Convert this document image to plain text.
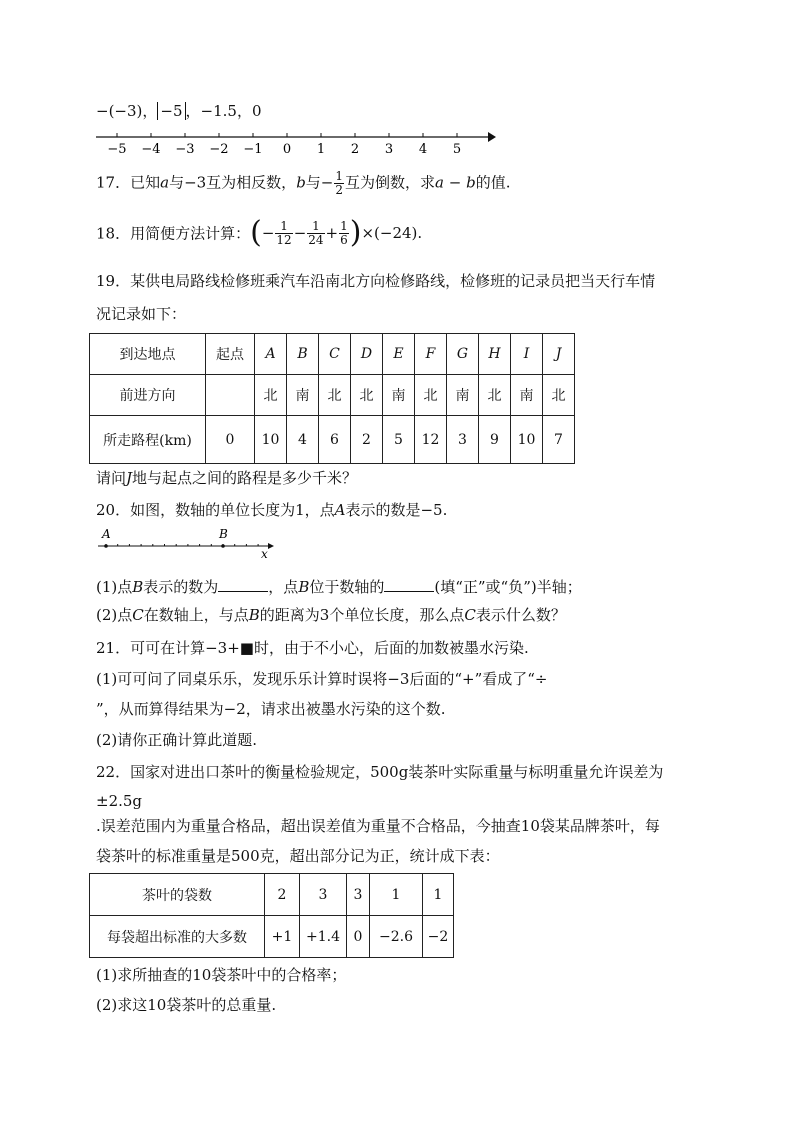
−(−3)， −5 ，−1.5，0
−5 −4 −3 −2 −1 0 1 2 3 4 5
17．已知a与−3互为相反数，b与− $\frac{1}{2}$ 互为倒数，求a − b的值.
18．用简便方法计算：(− $\frac{1}{12} - \frac{1}{24} + \frac{1}{6} )\times(-24)$.
19．某供电局路线检修班乘汽车沿南北方向检修路线，检修班的记录员把当天行车情
况记录如下：
到达地点	起点	A	B	C	D	E	F	G	H	I	J
前进方向		北	南	北	北	南	北	南	北	南	北
所走路程(km)	0	10	4	6	2	5	12	3	9	10	7
请问J地与起点之间的路程是多少千米？
20．如图，数轴的单位长度为1，点A表示的数是−5.
A	B
x
(1)点B表示的数为	，点B位于数轴的	(填“正”或“负”)半轴；
(2)点C在数轴上，与点B的距离为3个单位长度，那么点C表示什么数？
21．可可在计算−3+■时，由于不小心，后面的加数被墨水污染.
(1)可可问了同桌乐乐，发现乐乐计算时误将−3后面的“+”看成了“÷
”，从而算得结果为−2，请求出被墨水污染的这个数.
(2)请你正确计算此道题.
22．国家对进出口茶叶的衡量检验规定，500g装茶叶实际重量与标明重量允许误差为
±2.5g
.误差范围内为重量合格品，超出误差值为重量不合格品，今抽查10袋某品牌茶叶，每
袋茶叶的标准重量是500克，超出部分记为正，统计成下表：
茶叶的袋数	2	3	3	1	1
每袋超出标准的大多数	+1	+1.4	0	−2.6	−2
(1)求所抽查的10袋茶叶中的合格率；
(2)求这10袋茶叶的总重量.
